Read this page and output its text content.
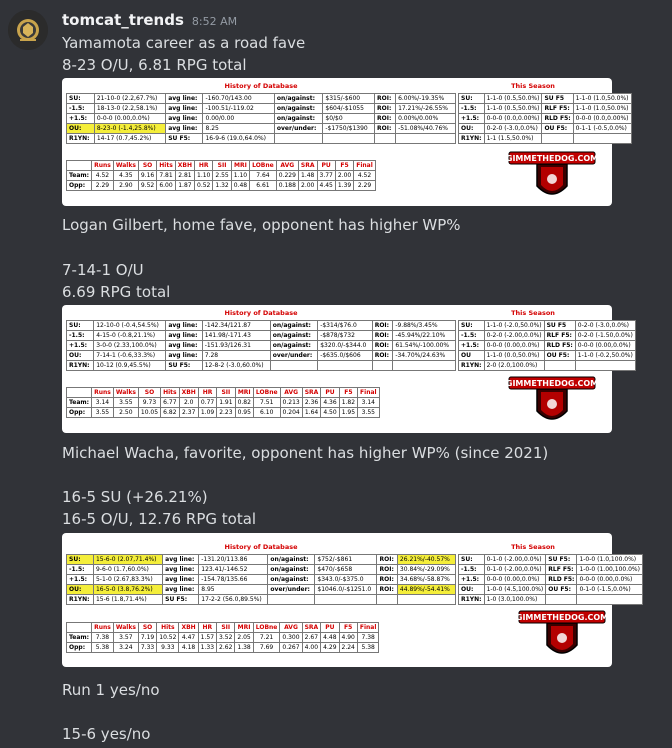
tomcat_trends 8:52 AM
Yamamota career as a road fave
8-23 O/U, 6.81 RPG total
History of Database	This Season
SU:	21-10-0 (2.2,67.7%)	avg line:	-160.70/143.00	on/against:	$315/-$600	ROI:	6.00%/-19.35%
-1.5:	18-13-0 (2.2,58.1%)	avg line:	-100.51/-119.02	on/against:	$604/-$1055	ROI:	17.21%/-26.55%
+1.5:	0-0-0 (0.00,0.0%)	avg line:	0.00/0.00	on/against:	$0/$0	ROI:	0.00%/0.00%
OU:	8-23-0 (-1.4,25.8%)	avg line:	8.25	over/under:	-$1750/$1390	ROI:	-51.08%/40.76%
R1YN:	14-17 (0.7,45.2%)	SU F5:	16-9-6 (19.0,64.0%)				
SU:	1-1-0 (0.5,50.0%)	SU F5	1-1-0 (1.0,50.0%)
-1.5:	1-1-0 (0.5,50.0%)	RLF F5:	1-1-0 (1.0,50.0%)
+1.5:	0-0-0 (0.0,0.00%)	RLD F5:	0-0-0 (0.0,0.00%)
OU:	0-2-0 (-3.0,0.0%)	OU F5:	0-1-1 (-0.5,0.0%)
R1YN:	1-1 (1.5,50.0%)		
	Runs	Walks	SO	Hits	XBH	HR	SII	MRI	LOBne	AVG	SRA	PU	F5	Final
Team:	4.52	4.35	9.16	7.81	2.81	1.10	2.55	1.10	7.64	0.229	1.48	3.77	2.00	4.52
Opp:	2.29	2.90	9.52	6.00	1.87	0.52	1.32	0.48	6.61	0.188	2.00	4.45	1.39	2.29
GIMMETHEDOG.COM
Logan Gilbert, home fave, opponent has higher WP%
7-14-1 O/U
6.69 RPG total
History of Database	This Season
SU:	12-10-0 (-0.4,54.5%)	avg line:	-142.34/121.87	on/against:	-$314/$76.0	ROI:	-9.88%/3.45%
-1.5:	4-15-0 (-0.8,21.1%)	avg line:	141.98/-171.43	on/against:	-$878/$732	ROI:	-45.94%/22.10%
+1.5:	3-0-0 (2.33,100.0%)	avg line:	-151.93/126.31	on/against:	$320.0/-$344.0	ROI:	61.54%/-100.00%
OU:	7-14-1 (-0.6,33.3%)	avg line:	7.28	over/under:	-$635.0/$606	ROI:	-34.70%/24.63%
R1YN:	10-12 (0.9,45.5%)	SU F5:	12-8-2 (-3.0,60.0%)				
SU:	1-1-0 (-2.0,50.0%)	SU F5	0-2-0 (-3.0,0.0%)
-1.5:	0-2-0 (-2.00,0.0%)	RLF F5:	0-2-0 (-1.50,0.0%)
+1.5:	0-0-0 (0.00,0.0%)	RLD F5:	0-0-0 (0.00,0.0%)
OU	1-1-0 (0.0,50.0%)	OU F5:	1-1-0 (-0.2,50.0%)
R1YN:	2-0 (2.0,100.0%)		
	Runs	Walks	SO	Hits	XBH	HR	SII	MRI	LOBne	AVG	SRA	PU	F5	Final
Team:	3.14	3.55	9.73	6.77	2.0	0.77	1.91	0.82	7.51	0.213	2.36	4.36	1.82	3.14
Opp:	3.55	2.50	10.05	6.82	2.37	1.09	2.23	0.95	6.10	0.204	1.64	4.50	1.95	3.55
GIMMETHEDOG.COM
Michael Wacha, favorite, opponent has higher WP% (since 2021)
16-5 SU (+26.21%)
16-5 O/U, 12.76 RPG total
History of Database	This Season
SU:	15-6-0 (2.07,71.4%)	avg line:	-131.20/113.86	on/against:	$752/-$861	ROI:	26.21%/-40.57%
-1.5:	9-6-0 (1.7,60.0%)	avg line:	123.41/-146.52	on/against:	$470/-$658	ROI:	30.84%/-29.09%
+1.5:	5-1-0 (2.67,83.3%)	avg line:	-154.78/135.66	on/against:	$343.0/-$375.0	ROI:	34.68%/-58.87%
OU:	16-5-0 (3.8,76.2%)	avg line:	8.95	over/under:	$1046.0/-$1251.0	ROI:	44.89%/-54.41%
R1YN:	15-6 (1.8,71.4%)	SU F5:	17-2-2 (56.0,89.5%)				
SU:	0-1-0 (-2.00,0.0%)	SU F5:	1-0-0 (1.0,100.0%)
-1.5:	0-1-0 (-2.00,0.0%)	RLF F5:	1-0-0 (1.00,100.0%)
+1.5:	0-0-0 (0.00,0.0%)	RLD F5:	0-0-0 (0.00,0.0%)
OU:	1-0-0 (4.5,100.0%)	OU F5:	0-1-0 (-1.5,0.0%)
R1YN:	1-0 (3.0,100.0%)		
	Runs	Walks	SO	Hits	XBH	HR	SII	MRI	LOBne	AVG	SRA	PU	F5	Final
Team:	7.38	3.57	7.19	10.52	4.47	1.57	3.52	2.05	7.21	0.300	2.67	4.48	4.90	7.38
Opp:	5.38	3.24	7.33	9.33	4.18	1.33	2.62	1.38	7.69	0.267	4.00	4.29	2.24	5.38
GIMMETHEDOG.COM
Run 1 yes/no
15-6 yes/no
